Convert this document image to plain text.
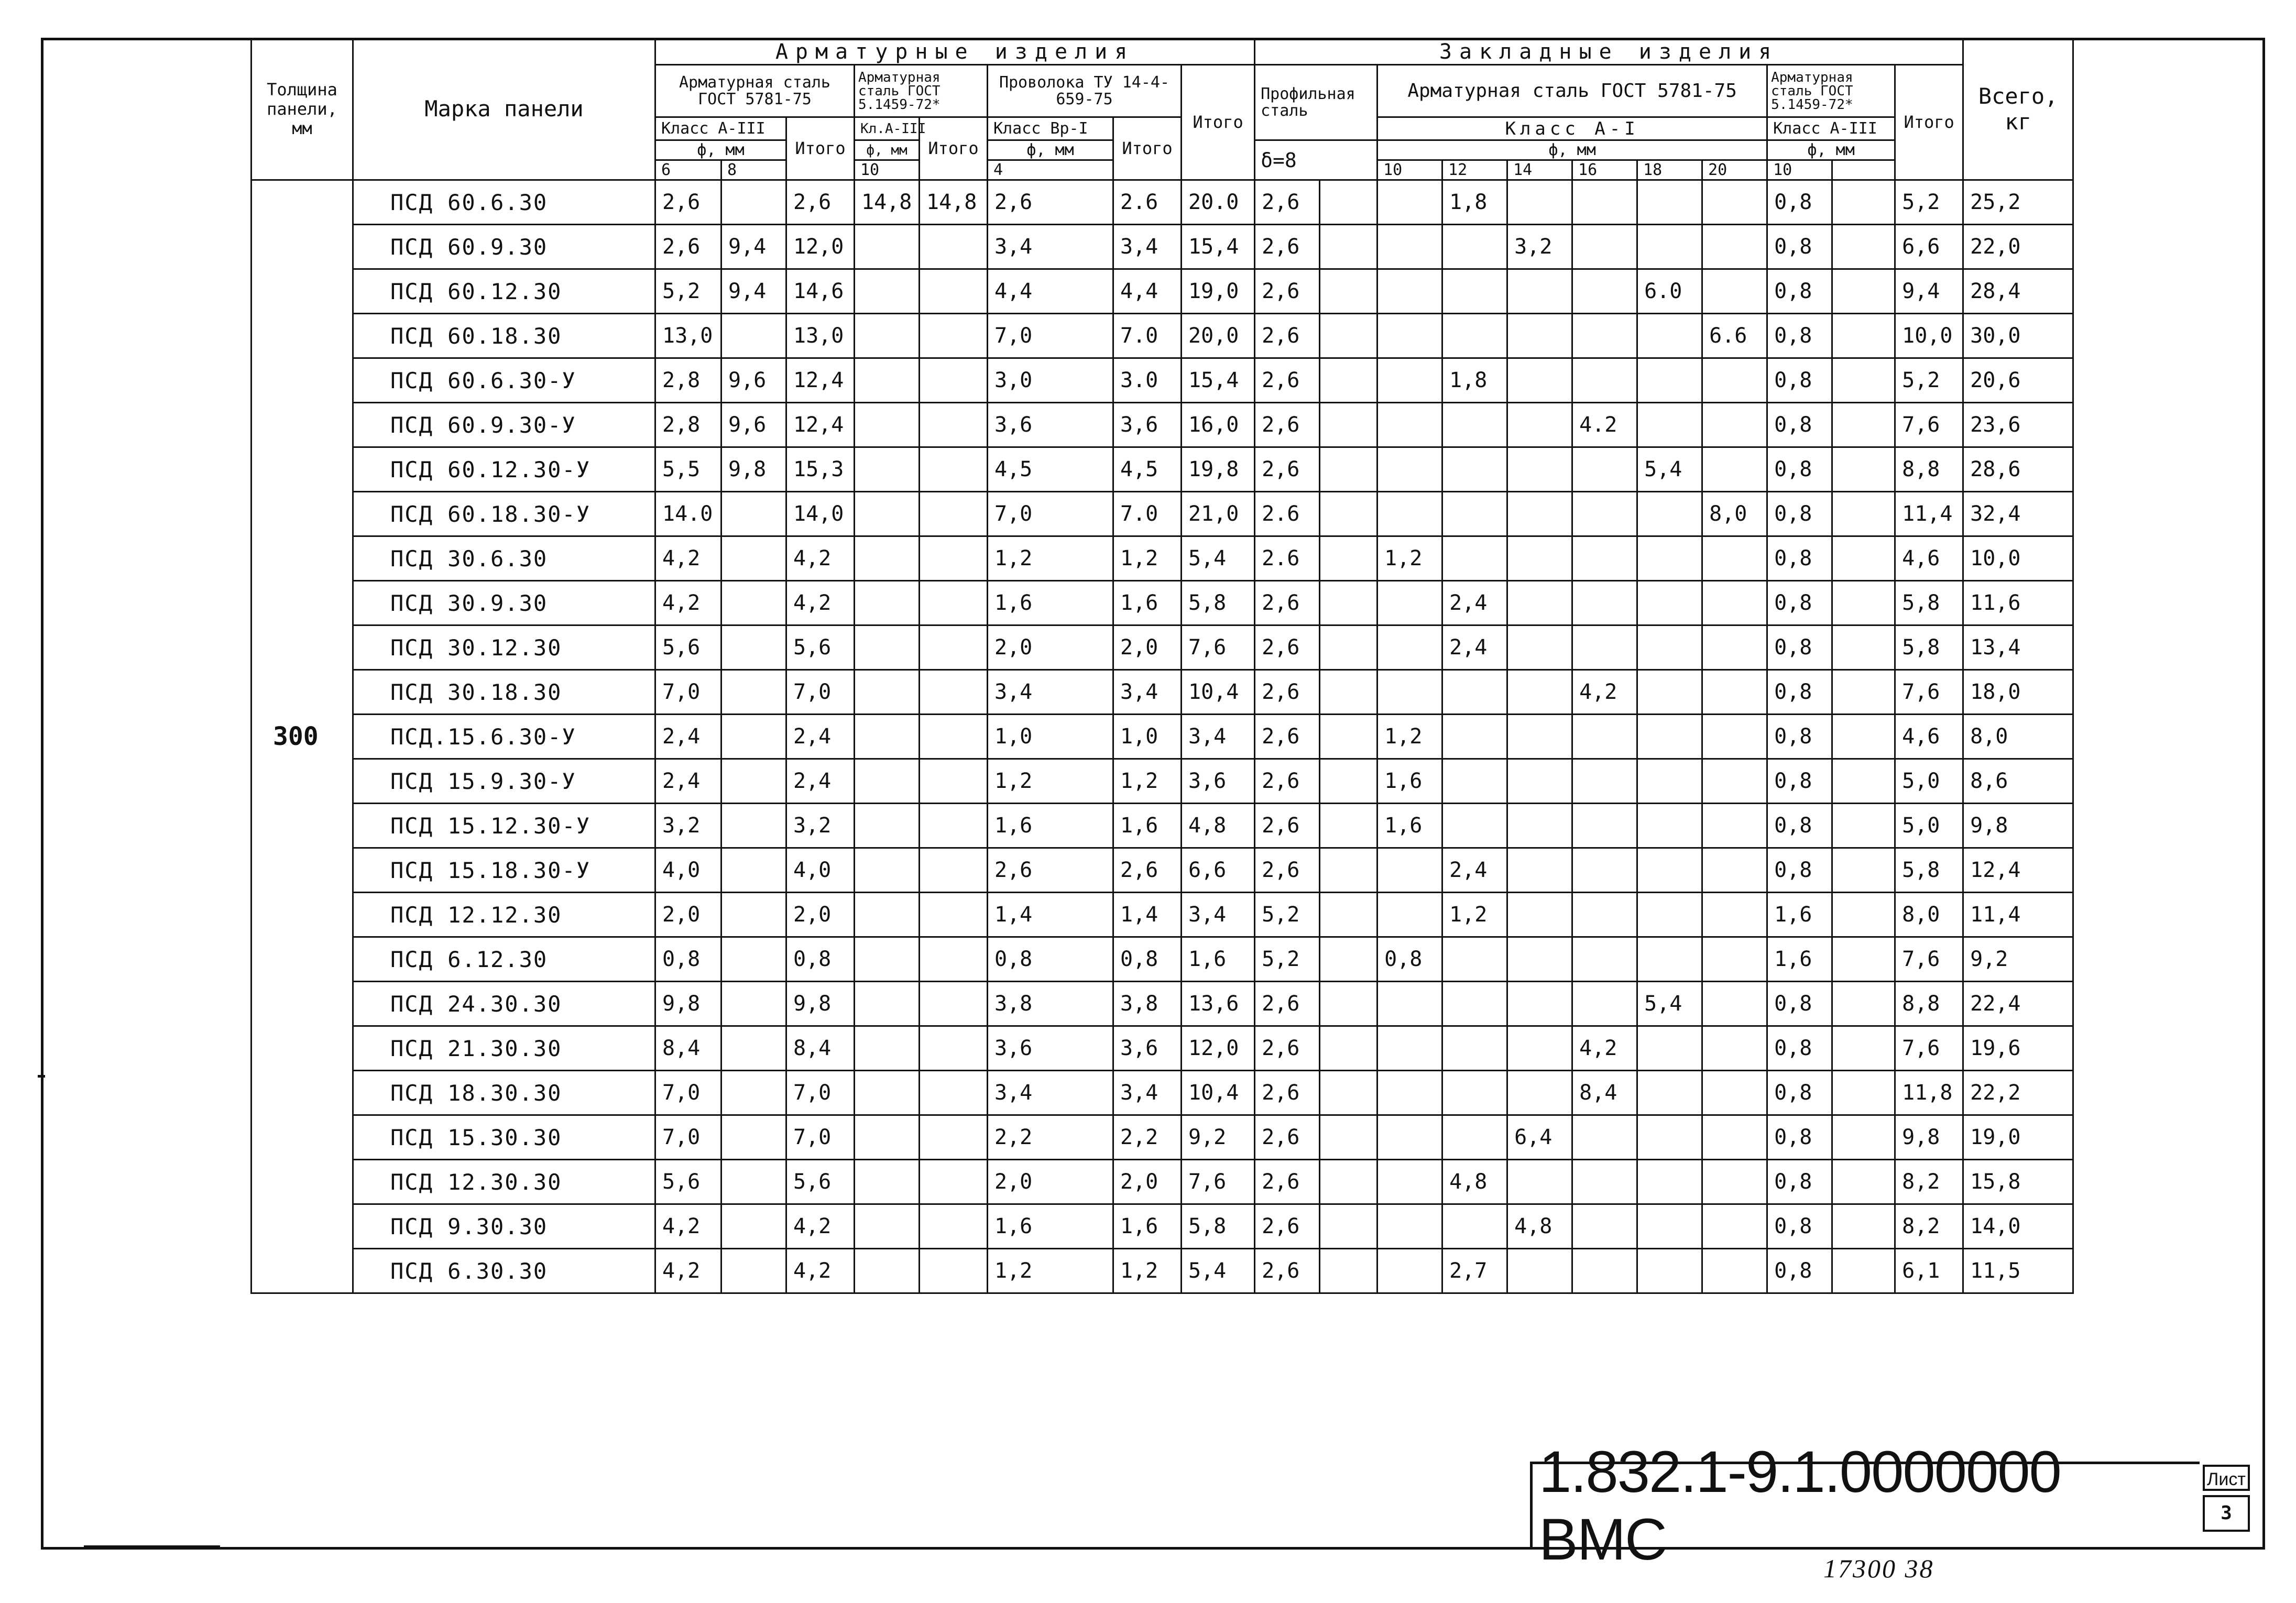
Толщина панели, мм	Марка панели	Арматурные изделия								Закладные изделия											Всего, кг
		Арматурная сталь ГОСТ 5781-75			Арматурная сталь ГОСТ 5.1459-72*		Проволока ТУ 14-4-659-75		Итого	Профильная сталь		Арматурная сталь ГОСТ 5781-75						Арматурная сталь ГОСТ 5.1459-72*		Итого	
		Класс А-III		Итого	Кл.А-III	Итого	Класс Вр-I	Итого				Класс А-I						Класс А-III			
		ф, мм			ф, мм		ф, мм			δ=8		ф, мм						ф, мм			
		6	8		10		4					10	12	14	16	18	20	10			
300	ПСД 60.6.30	2,6		2,6	14,8	14,8	2,6	2.6	20.0	2,6			1,8					0,8		5,2	25,2
	ПСД 60.9.30	2,6	9,4	12,0			3,4	3,4	15,4	2,6				3,2				0,8		6,6	22,0
	ПСД 60.12.30	5,2	9,4	14,6			4,4	4,4	19,0	2,6						6.0		0,8		9,4	28,4
	ПСД 60.18.30	13,0		13,0			7,0	7.0	20,0	2,6							6.6	0,8		10,0	30,0
	ПСД 60.6.30-У	2,8	9,6	12,4			3,0	3.0	15,4	2,6			1,8					0,8		5,2	20,6
	ПСД 60.9.30-У	2,8	9,6	12,4			3,6	3,6	16,0	2,6					4.2			0,8		7,6	23,6
	ПСД 60.12.30-У	5,5	9,8	15,3			4,5	4,5	19,8	2,6						5,4		0,8		8,8	28,6
	ПСД 60.18.30-У	14.0		14,0			7,0	7.0	21,0	2.6							8,0	0,8		11,4	32,4
	ПСД 30.6.30	4,2		4,2			1,2	1,2	5,4	2.6		1,2						0,8		4,6	10,0
	ПСД 30.9.30	4,2		4,2			1,6	1,6	5,8	2,6			2,4					0,8		5,8	11,6
	ПСД 30.12.30	5,6		5,6			2,0	2,0	7,6	2,6			2,4					0,8		5,8	13,4
	ПСД 30.18.30	7,0		7,0			3,4	3,4	10,4	2,6					4,2			0,8		7,6	18,0
	ПСД.15.6.30-У	2,4		2,4			1,0	1,0	3,4	2,6		1,2						0,8		4,6	8,0
	ПСД 15.9.30-У	2,4		2,4			1,2	1,2	3,6	2,6		1,6						0,8		5,0	8,6
	ПСД 15.12.30-У	3,2		3,2			1,6	1,6	4,8	2,6		1,6						0,8		5,0	9,8
	ПСД 15.18.30-У	4,0		4,0			2,6	2,6	6,6	2,6			2,4					0,8		5,8	12,4
	ПСД 12.12.30	2,0		2,0			1,4	1,4	3,4	5,2			1,2					1,6		8,0	11,4
	ПСД 6.12.30	0,8		0,8			0,8	0,8	1,6	5,2		0,8						1,6		7,6	9,2
	ПСД 24.30.30	9,8		9,8			3,8	3,8	13,6	2,6						5,4		0,8		8,8	22,4
	ПСД 21.30.30	8,4		8,4			3,6	3,6	12,0	2,6					4,2			0,8		7,6	19,6
	ПСД 18.30.30	7,0		7,0			3,4	3,4	10,4	2,6					8,4			0,8		11,8	22,2
	ПСД 15.30.30	7,0		7,0			2,2	2,2	9,2	2,6				6,4				0,8		9,8	19,0
	ПСД 12.30.30	5,6		5,6			2,0	2,0	7,6	2,6			4,8					0,8		8,2	15,8
	ПСД 9.30.30	4,2		4,2			1,6	1,6	5,8	2,6				4,8				0,8		8,2	14,0
	ПСД 6.30.30	4,2		4,2			1,2	1,2	5,4	2,6			2,7					0,8		6,1	11,5
1.832.1-9.1.0000000 ВМС
Лист
3
17300 38
